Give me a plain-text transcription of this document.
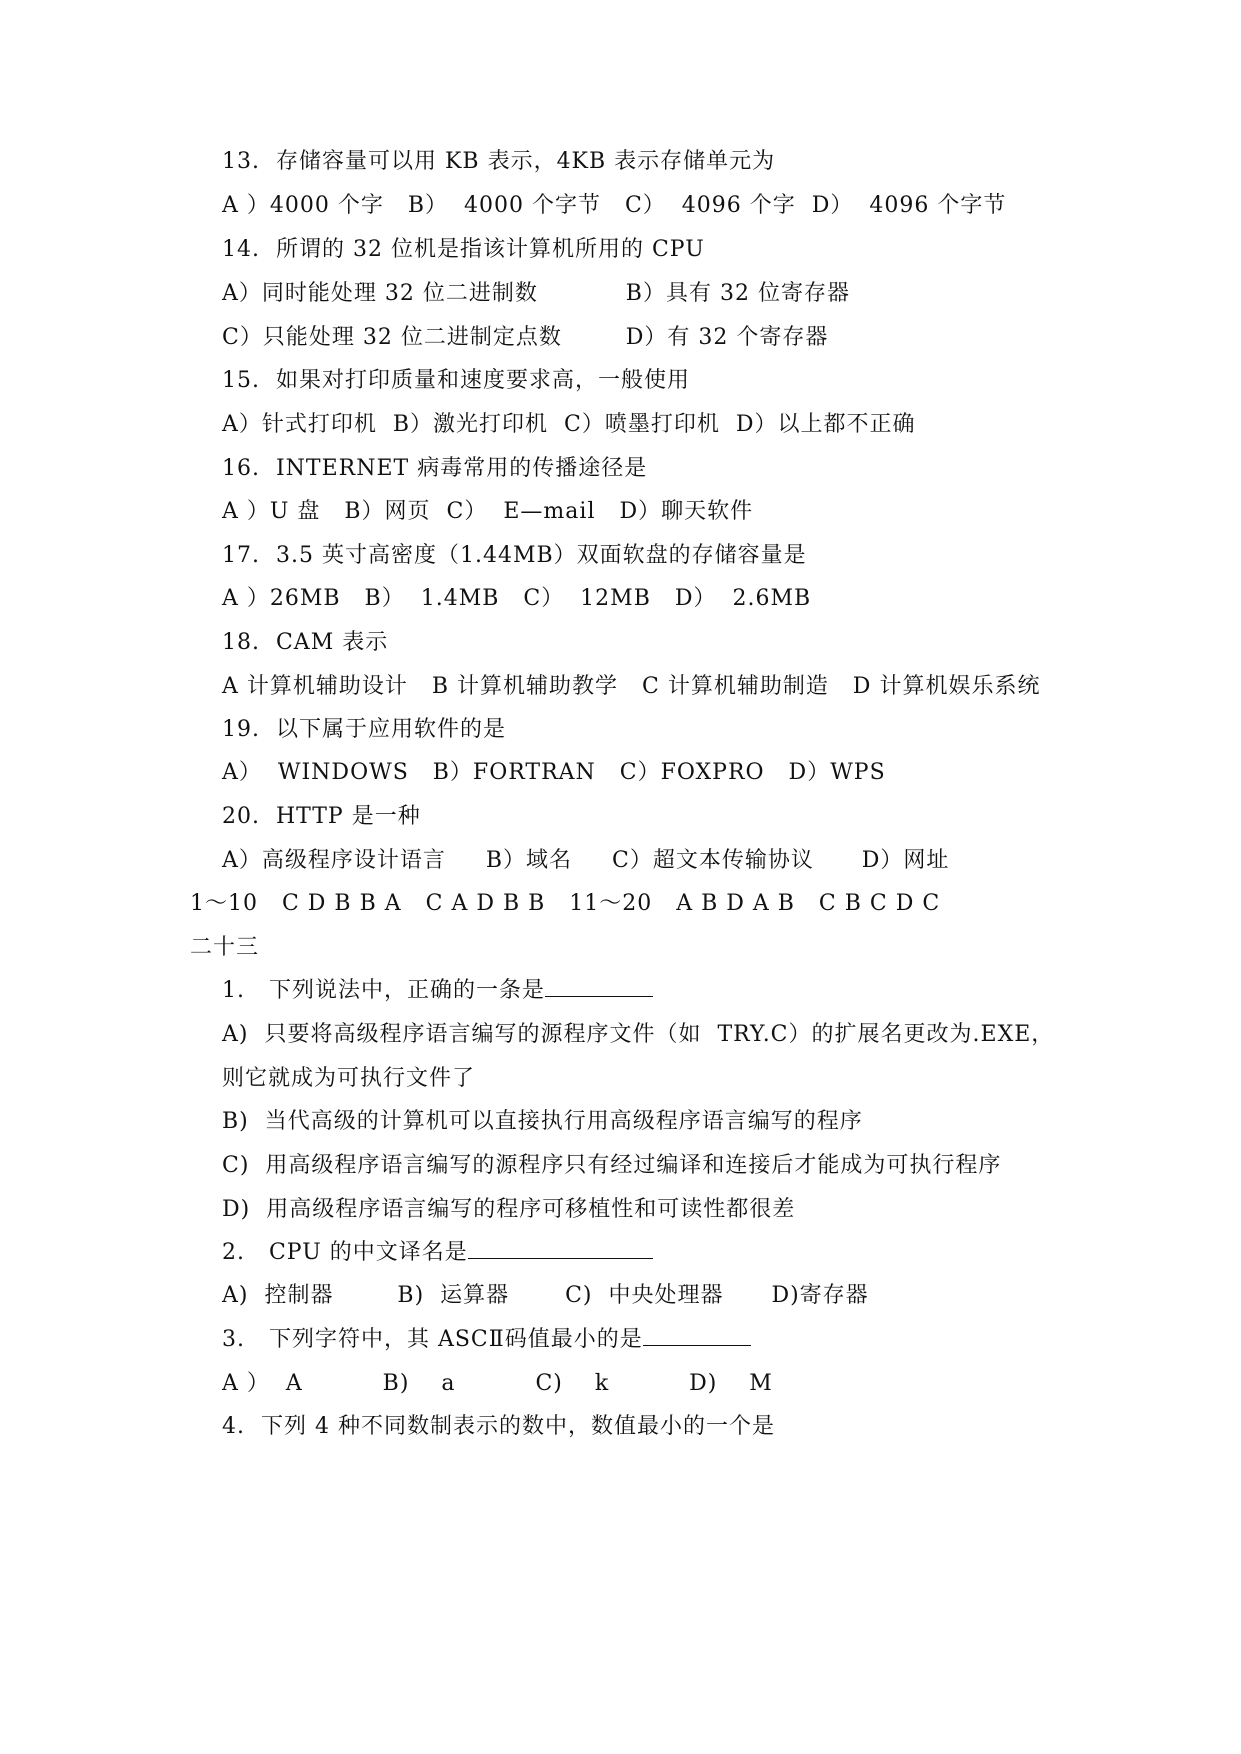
13.  存储容量可以用 KB 表示，4KB 表示存储单元为
A ）4000 个字   B）  4000 个字节   C）  4096 个字  D）  4096 个字节
14.  所谓的 32 位机是指该计算机所用的 CPU
A）同时能处理 32 位二进制数           B）具有 32 位寄存器
C）只能处理 32 位二进制定点数        D）有 32 个寄存器
15.  如果对打印质量和速度要求高，一般使用
A）针式打印机  B）激光打印机  C）喷墨打印机  D）以上都不正确
16.  INTERNET 病毒常用的传播途径是
A ）U 盘   B）网页  C）  E—mail   D）聊天软件
17.  3.5 英寸高密度（1.44MB）双面软盘的存储容量是
A ）26MB   B）  1.4MB   C）  12MB   D）  2.6MB
18.  CAM 表示
A 计算机辅助设计   B 计算机辅助教学   C 计算机辅助制造   D 计算机娱乐系统
19.  以下属于应用软件的是
A）  WINDOWS   B）FORTRAN   C）FOXPRO   D）WPS
20.  HTTP 是一种
A）高级程序设计语言     B）域名     C）超文本传输协议      D）网址
1～10   C D B B A   C A D B B   11～20   A B D A B   C B C D C
二十三
1.   下列说法中，正确的一条是
A)  只要将高级程序语言编写的源程序文件（如  TRY.C）的扩展名更改为.EXE，
则它就成为可执行文件了
B)  当代高级的计算机可以直接执行用高级程序语言编写的程序
C)  用高级程序语言编写的源程序只有经过编译和连接后才能成为可执行程序
D)  用高级程序语言编写的程序可移植性和可读性都很差
2.   CPU 的中文译名是
A)  控制器        B)  运算器       C)  中央处理器      D)寄存器
3.   下列字符中，其 ASCⅡ码值最小的是
A ）  A          B)    a          C)    k          D)    M
4.  下列 4 种不同数制表示的数中，数值最小的一个是
